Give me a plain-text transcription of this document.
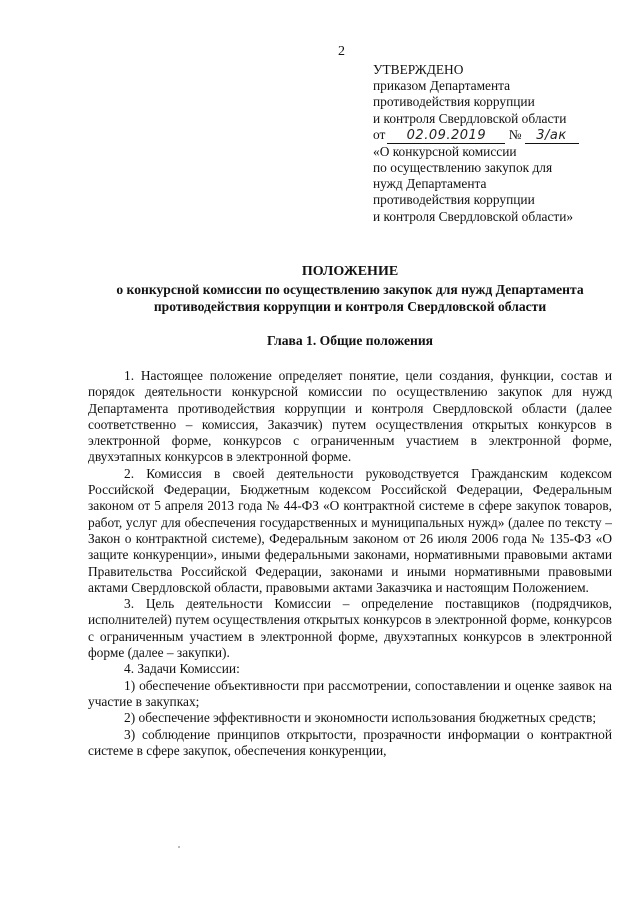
2
УТВЕРЖДЕНО
приказом Департамента
противодействия коррупции
и контроля Свердловской области
от 02.09.2019 № 3/ак
«О конкурсной комиссии
по осуществлению закупок для
нужд Департамента
противодействия коррупции
и контроля Свердловской области»
ПОЛОЖЕНИЕ
о конкурсной комиссии по осуществлению закупок для нужд Департамента
противодействия коррупции и контроля Свердловской области
Глава 1. Общие положения

1. Настоящее положение определяет понятие, цели создания, функции, состав и порядок деятельности конкурсной комиссии по осуществлению закупок для нужд Департамента противодействия коррупции и контроля Свердловской области (далее соответственно – комиссия, Заказчик) путем осуществления открытых конкурсов в электронной форме, конкурсов с ограниченным участием в электронной форме, двухэтапных конкурсов в электронной форме.

2. Комиссия в своей деятельности руководствуется Гражданским кодексом Российской Федерации, Бюджетным кодексом Российской Федерации, Федеральным законом от 5 апреля 2013 года № 44-ФЗ «О контрактной системе в сфере закупок товаров, работ, услуг для обеспечения государственных и муниципальных нужд» (далее по тексту – Закон о контрактной системе), Федеральным законом от 26 июля 2006 года № 135-ФЗ «О защите конкуренции», иными федеральными законами, нормативными правовыми актами Правительства Российской Федерации, законами и иными нормативными правовыми актами Свердловской области, правовыми актами Заказчика и настоящим Положением.

3. Цель деятельности Комиссии – определение поставщиков (подрядчиков, исполнителей) путем осуществления открытых конкурсов в электронной форме, конкурсов с ограниченным участием в электронной форме, двухэтапных конкурсов в электронной форме (далее – закупки).

4. Задачи Комиссии:

1) обеспечение объективности при рассмотрении, сопоставлении и оценке заявок на участие в закупках;

2) обеспечение эффективности и экономности использования бюджетных средств;

3) соблюдение принципов открытости, прозрачности информации о контрактной системе в сфере закупок, обеспечения конкуренции,
